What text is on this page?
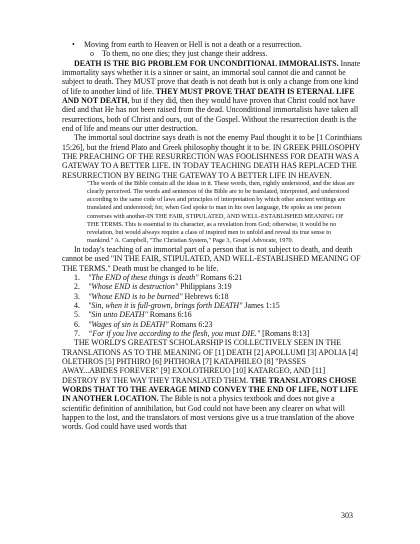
•	Moving from earth to Heaven or Hell is not a death or a resurrection.
o	To them, no one dies; they just change their address.

DEATH IS THE BIG PROBLEM FOR UNCONDITIONAL IMMORALISTS. Innate immortality says whether it is a sinner or saint, an immortal soul cannot die and cannot be subject to death. They MUST prove that death is not death but is only a change from one kind of life to another kind of life. THEY MUST PROVE THAT DEATH IS ETERNAL LIFE AND NOT DEATH, but if they did, then they would have proven that Christ could not have died and that He has not been raised from the dead. Unconditional immortalists have taken all resurrections, both of Christ and ours, out of the Gospel. Without the resurrection death is the end of life and means our utter destruction.

The immortal soul doctrine says death is not the enemy Paul thought it to be [1 Corinthians 15:26], but the friend Plato and Greek philosophy thought it to be. IN GREEK PHILOSOPHY THE PREACHING OF THE RESURRECTION WAS FOOLISHNESS FOR DEATH WAS A GATEWAY TO A BETTER LIFE. IN TODAY TEACHING DEATH HAS REPLACED THE RESURRECTION BY BEING THE GATEWAY TO A BETTER LIFE IN HEAVEN.

"The words of the Bible contain all the ideas in it. These words, then, rightly understood, and the ideas are clearly perceived. The words and sentences of the Bible are to be translated, interpreted, and understood according to the same code of laws and principles of interpretation by which other ancient writings are translated and understood; for, when God spoke to man in his own language, He spoke as one person converses with another-IN THE FAIR, STIPULATED, AND WELL-ESTABLISHED MEANING OF THE TERMS. This is essential to its character, as a revelation from God; otherwise, it would be no revelation, but would always require a class of inspired men to unfold and reveal its true sense to mankind." A. Campbell, "The Christian System," Page 3, Gospel Advocate, 1970.

In today's teaching of an immortal part of a person that is not subject to death, and death cannot be used "IN THE FAIR, STIPULATED, AND WELL-ESTABLISHED MEANING OF THE TERMS." Death must be changed to be life.

1.	"The END of these things is death" Romans 6:21
2.	"Whose END is destruction" Philippians 3:19
3.	"Whose END is to be burned" Hebrews 6:18
4.	"Sin, when it is full-grown, brings forth DEATH" James 1:15
5.	"Sin unto DEATH" Romans 6:16
6.	"Wages of sin is DEATH" Romans 6:23
7.	“For if you live according to the flesh, you must DIE." [Romans 8:13]

THE WORLD'S GREATEST SCHOLARSHIP IS COLLECTIVELY SEEN IN THE TRANSLATIONS AS TO THE MEANING OF [1] DEATH [2] APOLLUMI [3] APOLIA [4] OLETHROS [5] PHTHIRO [6] PHTHORA [7] KATAPHILEO [8] "PASSES AWAY...ABIDES FOREVER" [9] EXOLOTHREUO [10] KATARGEO, AND [11] DESTROY BY THE WAY THEY TRANSLATED THEM. THE TRANSLATORS CHOSE WORDS THAT TO THE AVERAGE MIND CONVEY THE END OF LIFE, NOT LIFE IN ANOTHER LOCATION. The Bible is not a physics textbook and does not give a scientific definition of annihilation, but God could not have been any clearer on what will happen to the lost, and the translators of most versions give us a true translation of the above words. God could have used words that

303
